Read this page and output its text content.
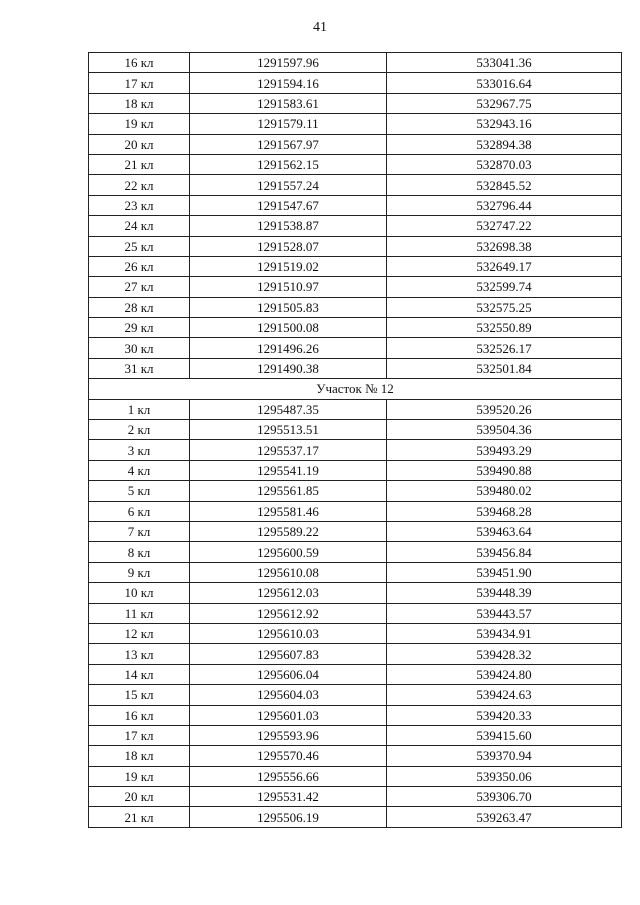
41
16 кл	1291597.96	533041.36
17 кл	1291594.16	533016.64
18 кл	1291583.61	532967.75
19 кл	1291579.11	532943.16
20 кл	1291567.97	532894.38
21 кл	1291562.15	532870.03
22 кл	1291557.24	532845.52
23 кл	1291547.67	532796.44
24 кл	1291538.87	532747.22
25 кл	1291528.07	532698.38
26 кл	1291519.02	532649.17
27 кл	1291510.97	532599.74
28 кл	1291505.83	532575.25
29 кл	1291500.08	532550.89
30 кл	1291496.26	532526.17
31 кл	1291490.38	532501.84
Участок № 12		
1 кл	1295487.35	539520.26
2 кл	1295513.51	539504.36
3 кл	1295537.17	539493.29
4 кл	1295541.19	539490.88
5 кл	1295561.85	539480.02
6 кл	1295581.46	539468.28
7 кл	1295589.22	539463.64
8 кл	1295600.59	539456.84
9 кл	1295610.08	539451.90
10 кл	1295612.03	539448.39
11 кл	1295612.92	539443.57
12 кл	1295610.03	539434.91
13 кл	1295607.83	539428.32
14 кл	1295606.04	539424.80
15 кл	1295604.03	539424.63
16 кл	1295601.03	539420.33
17 кл	1295593.96	539415.60
18 кл	1295570.46	539370.94
19 кл	1295556.66	539350.06
20 кл	1295531.42	539306.70
21 кл	1295506.19	539263.47
